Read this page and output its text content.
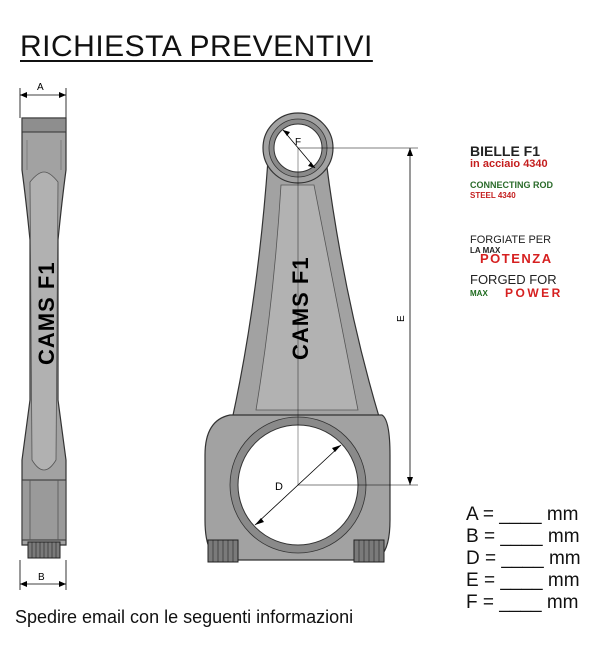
RICHIESTA PREVENTIVI
A
CAMS F1
B
CAMS F1
F
D
E
BIELLE F1
in acciaio 4340
CONNECTING ROD
STEEL 4340
FORGIATE PER
LA MAX
POTENZA
FORGED FOR
MAX POWER
A = ____ mm
B = ____ mm
D = ____ mm
E = ____ mm
F = ____ mm
Spedire email con le seguenti informazioni
